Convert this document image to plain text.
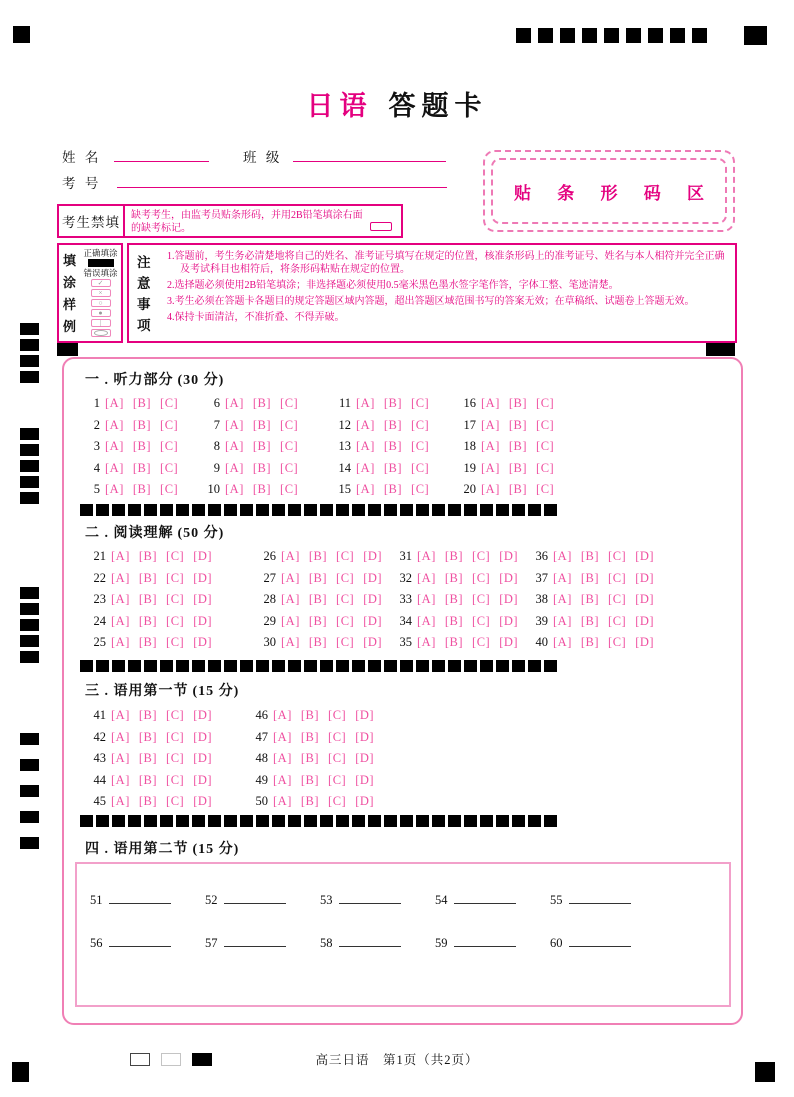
日语 答题卡
姓 名	班 级
考 号	贴 条 形 码 区
考生禁填	缺考考生，由监考员贴条形码，并用2B铅笔填涂右面的缺考标记。
填涂样例
正确填涂
错误填涂
✓
×
○
●
|
注意事项
1.答题前，考生务必清楚地将自己的姓名、准考证号填写在规定的位置，核准条形码上的准考证号、姓名与本人相符并完全正确及考试科目也相符后，将条形码粘贴在规定的位置。
2.选择题必须使用2B铅笔填涂；非选择题必须使用0.5毫米黑色墨水签字笔作答，字体工整、笔迹清楚。
3.考生必须在答题卡各题目的规定答题区域内答题，超出答题区域范围书写的答案无效；在草稿纸、试题卷上答题无效。
4.保持卡面清洁，不准折叠、不得弄破。
高三日语　第1页（共2页）
一 . 听力部分 (30 分)
1 [A] [B] [C]
2 [A] [B] [C]
3 [A] [B] [C]
4 [A] [B] [C]
5 [A] [B] [C]
6 [A] [B] [C]
7 [A] [B] [C]
8 [A] [B] [C]
9 [A] [B] [C]
10 [A] [B] [C]
11 [A] [B] [C]
12 [A] [B] [C]
13 [A] [B] [C]
14 [A] [B] [C]
15 [A] [B] [C]
16 [A] [B] [C]
17 [A] [B] [C]
18 [A] [B] [C]
19 [A] [B] [C]
20 [A] [B] [C]
二 . 阅读理解 (50 分)
21 [A] [B] [C] [D]
22 [A] [B] [C] [D]
23 [A] [B] [C] [D]
24 [A] [B] [C] [D]
25 [A] [B] [C] [D]
26 [A] [B] [C] [D]
27 [A] [B] [C] [D]
28 [A] [B] [C] [D]
29 [A] [B] [C] [D]
30 [A] [B] [C] [D]
31 [A] [B] [C] [D]
32 [A] [B] [C] [D]
33 [A] [B] [C] [D]
34 [A] [B] [C] [D]
35 [A] [B] [C] [D]
36 [A] [B] [C] [D]
37 [A] [B] [C] [D]
38 [A] [B] [C] [D]
39 [A] [B] [C] [D]
40 [A] [B] [C] [D]
三 . 语用第一节 (15 分)
41 [A] [B] [C] [D]
42 [A] [B] [C] [D]
43 [A] [B] [C] [D]
44 [A] [B] [C] [D]
45 [A] [B] [C] [D]
46 [A] [B] [C] [D]
47 [A] [B] [C] [D]
48 [A] [B] [C] [D]
49 [A] [B] [C] [D]
50 [A] [B] [C] [D]
四 . 语用第二节 (15 分)
51	52	53	54	55
56	57	58	59	60
